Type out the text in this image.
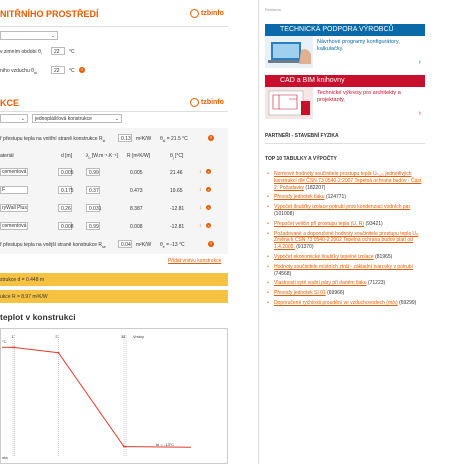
NITŘNÍHO PROSTŘEDÍ	tzbinfo
⌄
v zimním období $\theta_i$	22	°C
ního vzduchu $\theta_{ai}$	22	°C	?
KCE	tzbinfo
⌄	jednoplášťová konstrukce	⌄
ř přestupu tepla na vnitřní straně konstrukce $R_{si}$	0.13 m²K/W $\theta_{si} = 21.5$ °C	?
ateriál	d [m]	$\lambda_u$ [W.m⁻¹.K⁻¹] R [m²K/W]	$\theta_j$ [°C]
cementová	0.005	0.99	0.005	21.46	↕	×
F	0.175	0.37	0.473	19.65	↕	×
ryWall Plus	0.26	0.031	8.387	-12.81	↕	×
cementová	0.008	0.99	0.008	-12.81	↕	×
ř přestupu tepla na vnější straně konstrukce $R_{se}$	0.04 m²K/W $\theta_e = -13$ °C	?
Přidat vrstvu konstrukce
strukce d = 0.448 m
ukce R = 8.97 m²K/W
teplot v konstrukci
1	2	3 4 Vrstvy
°C
ota
te = -13°C
Reklama
TECHNICKÁ PODPORA VÝROBCŮ
Návrhové programy konfigurátory, kalkulačky.
›
CAD a BIM knihovny
Technické výkresy pro architekty a projektanty.
›
PARTNEŘI - STAVEBNÍ FYZIKA
TOP 10 TABULKY A VÝPOČTY
• Normové hodnoty součinitele prostupu tepla Uₙ,₂₀ jednotlivých konstrukcí dle ČSN 73 0540-2:2007 Tepelná ochrana budov - Část 2: Požadavky (182207)
• Převody jednotek tlaku (124771)
• Výpočet tloušťky izolace potrubí proti kondenzaci vodních par (101008)
• Přepočet veličin při prostupu tepla (U, R) (93421)
• Požadované a doporučené hodnoty součinitele prostupu tepla Uₙ Změna k ČSN 73 0540-2:2002 Tepelná ochrana budov platí od 1.4.2005. (91370)
• Výpočet ekonomické tloušťky tepelné izolace (81965)
• Hodnoty součinitele místních ztrát - základní tvarovky v potrubí (74568)
• Vlastnosti syté vodní páry při daném tlaku (71223)
• Převody jednotek SI 01 (69966)
• Doporučené rychlosti proudění ve vzduchovodech (m/s) (69299)
